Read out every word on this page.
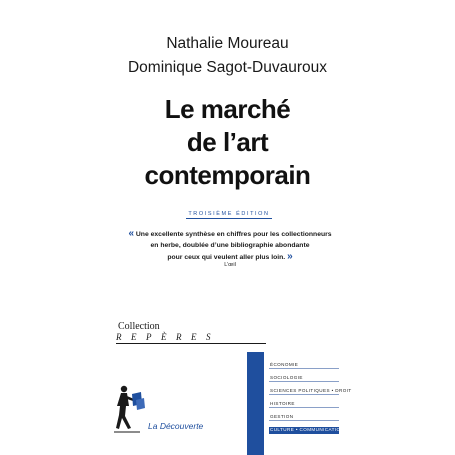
Nathalie Moureau
Dominique Sagot-Duvauroux
Le marché
de l’art
contemporain
TROISIÈME ÉDITION
« Une excellente synthèse en chiffres pour les collectionneurs
en herbe, doublée d’une bibliographie abondante
pour ceux qui veulent aller plus loin. »
L’œil
Collection
REPÈRES
La Découverte
ÉCONOMIE
SOCIOLOGIE
SCIENCES POLITIQUES • DROIT
HISTOIRE
GESTION
CULTURE • COMMUNICATION
